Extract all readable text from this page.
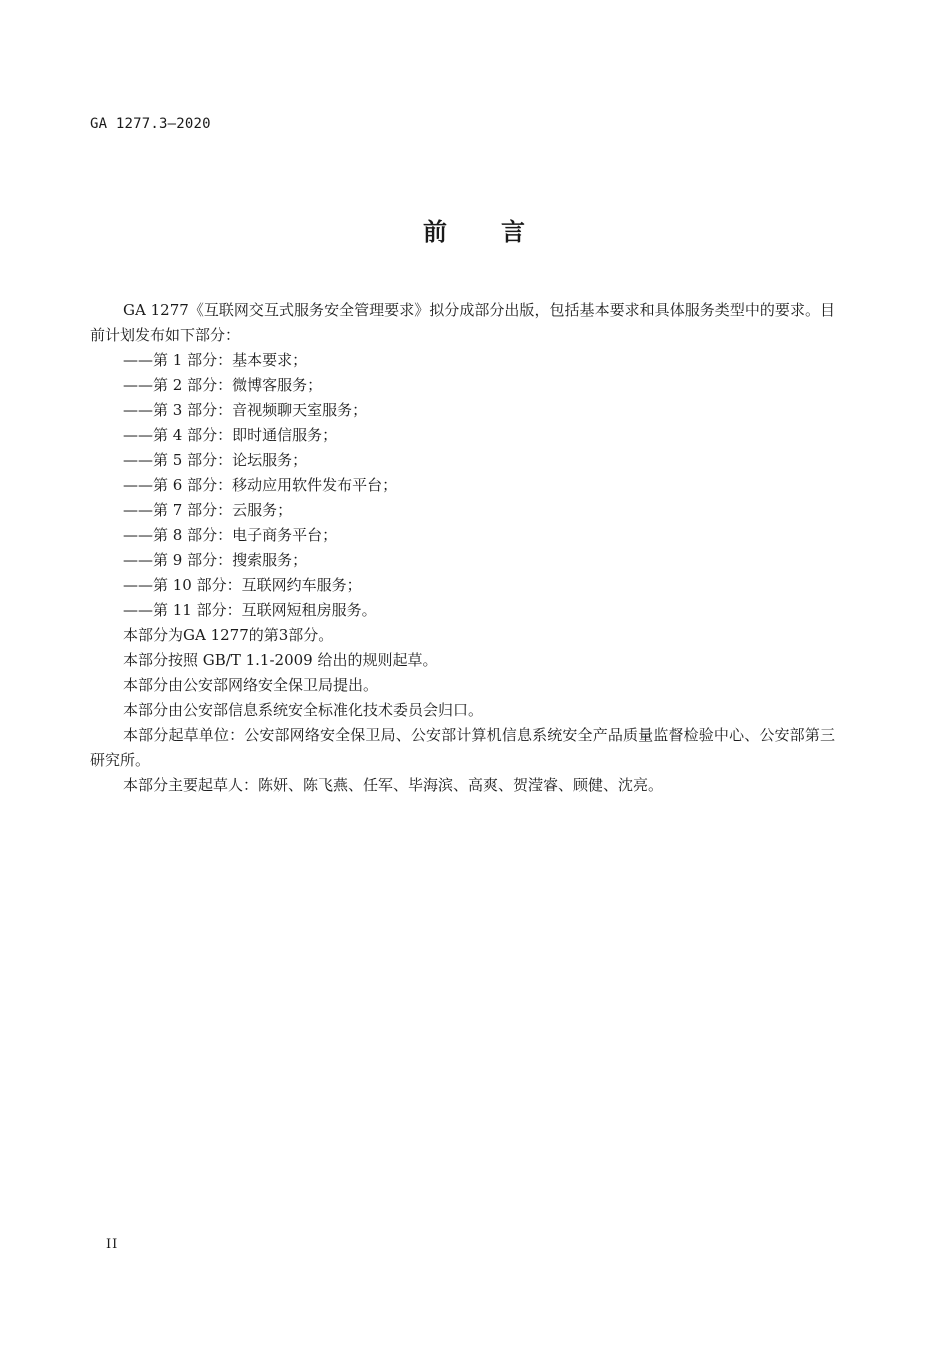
GA 1277.3—2020
前 言

GA 1277《互联网交互式服务安全管理要求》拟分成部分出版，包括基本要求和具体服务类型中的要求。目前计划发布如下部分：

——第 1 部分：基本要求；

——第 2 部分：微博客服务；

——第 3 部分：音视频聊天室服务；

——第 4 部分：即时通信服务；

——第 5 部分：论坛服务；

——第 6 部分：移动应用软件发布平台；

——第 7 部分：云服务；

——第 8 部分：电子商务平台；

——第 9 部分：搜索服务；

——第 10 部分：互联网约车服务；

——第 11 部分：互联网短租房服务。

本部分为GA 1277的第3部分。

本部分按照 GB/T 1.1-2009 给出的规则起草。

本部分由公安部网络安全保卫局提出。

本部分由公安部信息系统安全标准化技术委员会归口。

本部分起草单位：公安部网络安全保卫局、公安部计算机信息系统安全产品质量监督检验中心、公安部第三研究所。

本部分主要起草人：陈妍、陈飞燕、任军、毕海滨、高爽、贺滢睿、顾健、沈亮。

II
